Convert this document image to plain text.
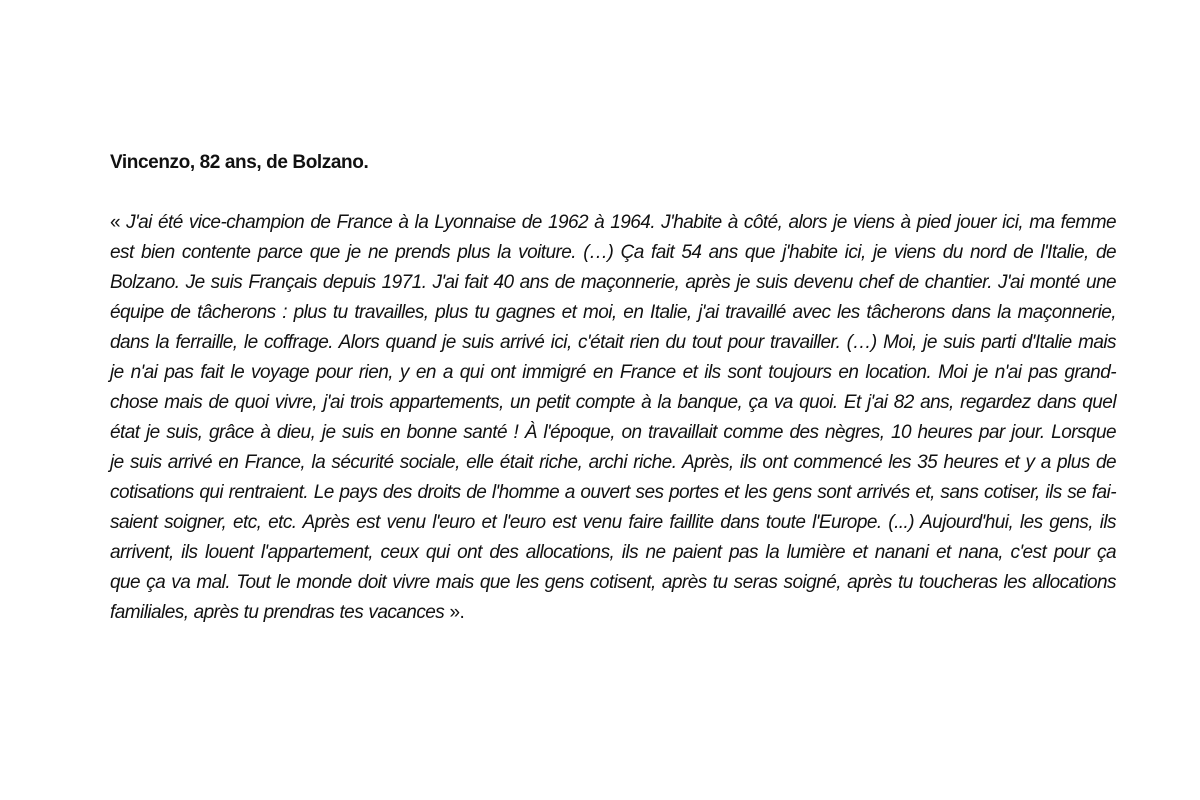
Vincenzo, 82 ans, de Bolzano.
« J'ai été vice-champion de France à la Lyonnaise de 1962 à 1964. J'habite à côté, alors je viens à pied jouer ici, ma femme
est bien contente parce que je ne prends plus la voiture. (…) Ça fait 54 ans que j'habite ici, je viens du nord de l'Italie, de
Bolzano. Je suis Français depuis 1971. J'ai fait 40 ans de maçonnerie, après je suis devenu chef de chantier. J'ai monté une
équipe de tâcherons : plus tu travailles, plus tu gagnes et moi, en Italie, j'ai travaillé avec les tâcherons dans la maçonnerie,
dans la ferraille, le coffrage. Alors quand je suis arrivé ici, c'était rien du tout pour travailler. (…) Moi, je suis parti d'Italie mais
je n'ai pas fait le voyage pour rien, y en a qui ont immigré en France et ils sont toujours en location. Moi je n'ai pas grand-
chose mais de quoi vivre, j'ai trois appartements, un petit compte à la banque, ça va quoi. Et j'ai 82 ans, regardez dans quel
état je suis, grâce à dieu, je suis en bonne santé ! À l'époque, on travaillait comme des nègres, 10 heures par jour. Lorsque
je suis arrivé en France, la sécurité sociale, elle était riche, archi riche. Après, ils ont commencé les 35 heures et y a plus de
cotisations qui rentraient. Le pays des droits de l'homme a ouvert ses portes et les gens sont arrivés et, sans cotiser, ils se fai-
saient soigner, etc, etc. Après est venu l'euro et l'euro est venu faire faillite dans toute l'Europe. (...) Aujourd'hui, les gens, ils
arrivent, ils louent l'appartement, ceux qui ont des allocations, ils ne paient pas la lumière et nanani et nana, c'est pour ça
que ça va mal. Tout le monde doit vivre mais que les gens cotisent, après tu seras soigné, après tu toucheras les allocations
familiales, après tu prendras tes vacances ».
